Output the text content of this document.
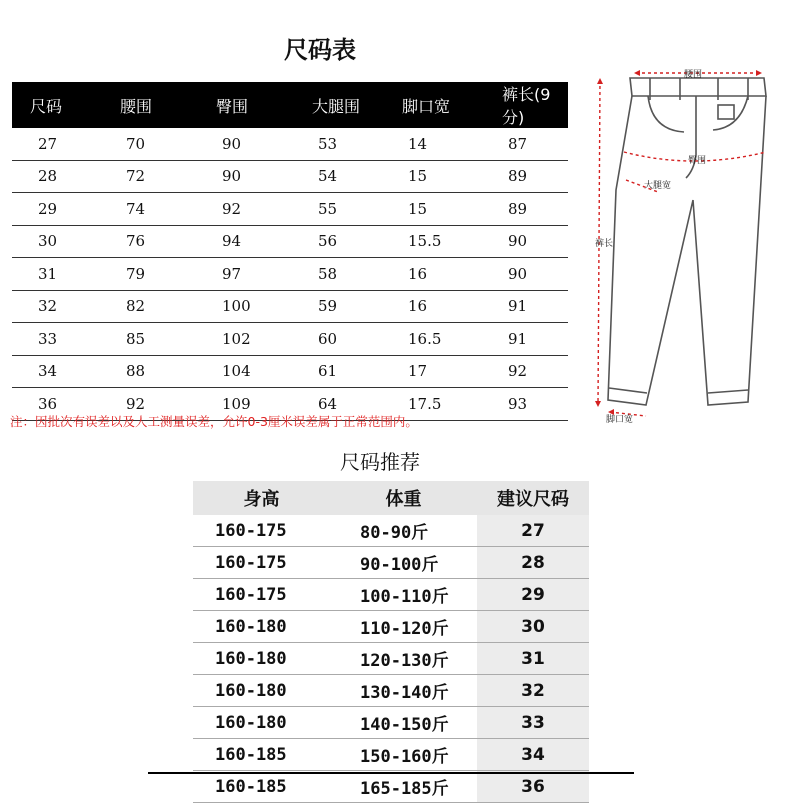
尺码表
尺码	腰围	臀围	大腿围	脚口宽	裤长(9分)
27	70	90	53	14	87
28	72	90	54	15	89
29	74	92	55	15	89
30	76	94	56	15.5	90
31	79	97	58	16	90
32	82	100	59	16	91
33	85	102	60	16.5	91
34	88	104	61	17	92
36	92	109	64	17.5	93
注：因批次有误差以及人工测量误差，允许0-3厘米误差属于正常范围内。
腰围
臀围
大腿宽
裤长
脚口宽
尺码推荐
身高	体重	建议尺码
160-175	80-90斤	27
160-175	90-100斤	28
160-175	100-110斤	29
160-180	110-120斤	30
160-180	120-130斤	31
160-180	130-140斤	32
160-180	140-150斤	33
160-185	150-160斤	34
160-185	165-185斤	36
